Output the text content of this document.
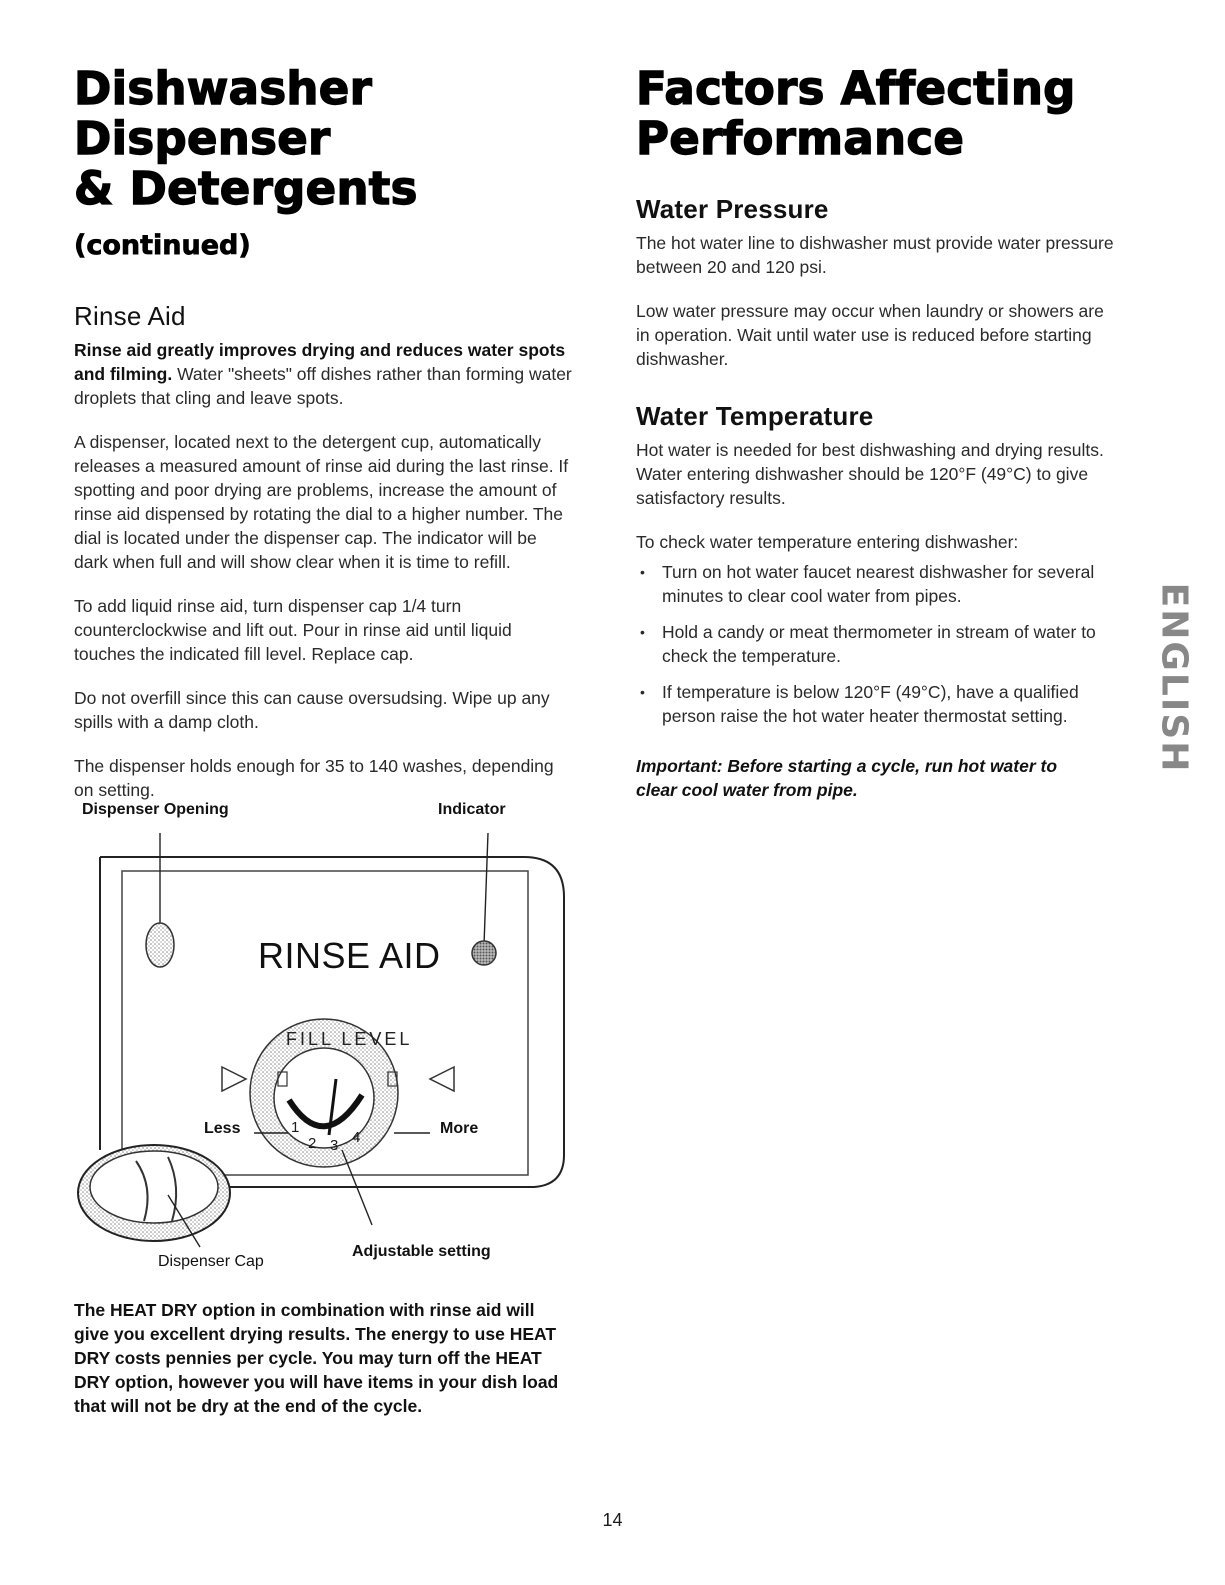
Dishwasher Dispenser
& Detergents (continued)
Rinse Aid

Rinse aid greatly improves drying and reduces water spots and filming. Water "sheets" off dishes rather than forming water droplets that cling and leave spots.

A dispenser, located next to the detergent cup, automatically releases a measured amount of rinse aid during the last rinse. If spotting and poor drying are problems, increase the amount of rinse aid dispensed by rotating the dial to a higher number. The dial is located under the dispenser cap. The indicator will be dark when full and will show clear when it is time to refill.

To add liquid rinse aid, turn dispenser cap 1/4 turn counterclockwise and lift out. Pour in rinse aid until liquid touches the indicated fill level. Replace cap.

Do not overfill since this can cause oversudsing. Wipe up any spills with a damp cloth.

The dispenser holds enough for 35 to 140 washes, depending on setting.

Dispenser Opening	Indicator
RINSE AID
FILL LEVEL
Less	More
1
2 3 4
Dispenser Cap
Adjustable setting
The HEAT DRY option in combination with rinse aid will give you excellent drying results. The energy to use HEAT DRY costs pennies per cycle. You may turn off the HEAT DRY option, however you will have items in your dish load that will not be dry at the end of the cycle.
Factors Affecting
Performance
Water Pressure

The hot water line to dishwasher must provide water pressure between 20 and 120 psi.

Low water pressure may occur when laundry or showers are in operation. Wait until water use is reduced before starting dishwasher.

Water Temperature

Hot water is needed for best dishwashing and drying results. Water entering dishwasher should be 120°F (49°C) to give satisfactory results.

To check water temperature entering dishwasher:

• Turn on hot water faucet nearest dishwasher for several minutes to clear cool water from pipes.
• Hold a candy or meat thermometer in stream of water to check the temperature.
• If temperature is below 120°F (49°C), have a qualified person raise the hot water heater thermostat setting.
Important: Before starting a cycle, run hot water to clear cool water from pipe.
ENGLISH
14
